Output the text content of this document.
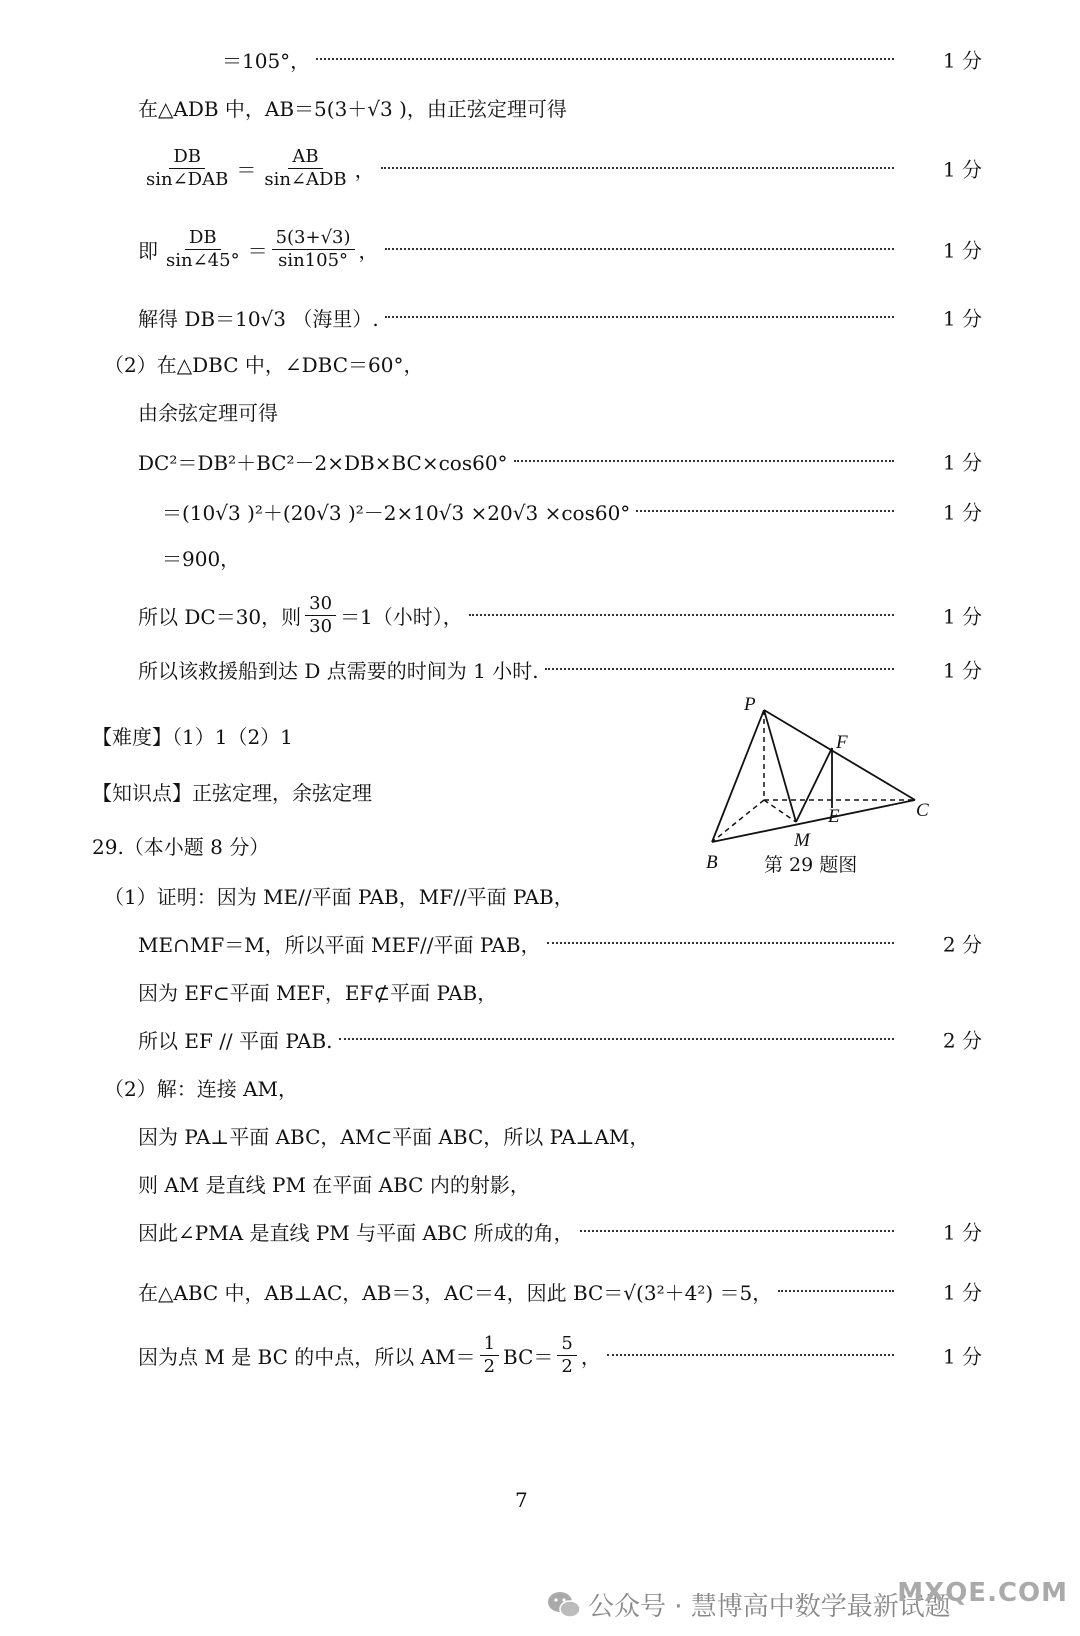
＝105°，	1 分
在△ADB 中，AB＝5(3＋√3 )，由正弦定理可得
$\frac{DB}{\text{sin∠DAB}} = \frac{AB}{\text{sin∠ADB}}$ ，	1 分
即 $\frac{DB}{\sin\angle 45^\circ} = \frac{5(3+√3)}{\sin 105^\circ}$ ，	1 分
解得 DB＝10√3 （海里）.	1 分
（2）在△DBC 中，∠DBC＝60°，
由余弦定理可得
DC²＝DB²＋BC²－2×DB×BC×cos60°	1 分
＝(10√3 )²＋(20√3 )²－2×10√3 ×20√3 ×cos60°	1 分
＝900，
所以 DC＝30，则 $\frac{30}{30} =1$（小时），	1 分
所以该救援船到达 D 点需要的时间为 1 小时.	1 分
【难度】（1）1（2）1
【知识点】正弦定理，余弦定理
29.（本小题 8 分）
P
F
C
E
M
B 第 29 题图
（1）证明：因为 ME//平面 PAB，MF//平面 PAB，
ME∩MF＝M，所以平面 MEF//平面 PAB，	2 分
因为 EF⊂平面 MEF，EF⊄平面 PAB，
所以 EF // 平面 PAB.	2 分
（2）解：连接 AM，
因为 PA⊥平面 ABC，AM⊂平面 ABC，所以 PA⊥AM，
则 AM 是直线 PM 在平面 ABC 内的射影，
因此∠PMA 是直线 PM 与平面 ABC 所成的角，	1 分
在△ABC 中，AB⊥AC，AB＝3，AC＝4，因此 BC＝√(3²＋4²) ＝5，	1 分
因为点 M 是 BC 的中点，所以 $AM= \frac{1}{2} BC= \frac{5}{2}$ ，	1 分
7
公众号 · 慧博高中数学最新试题
MXQE.COM
